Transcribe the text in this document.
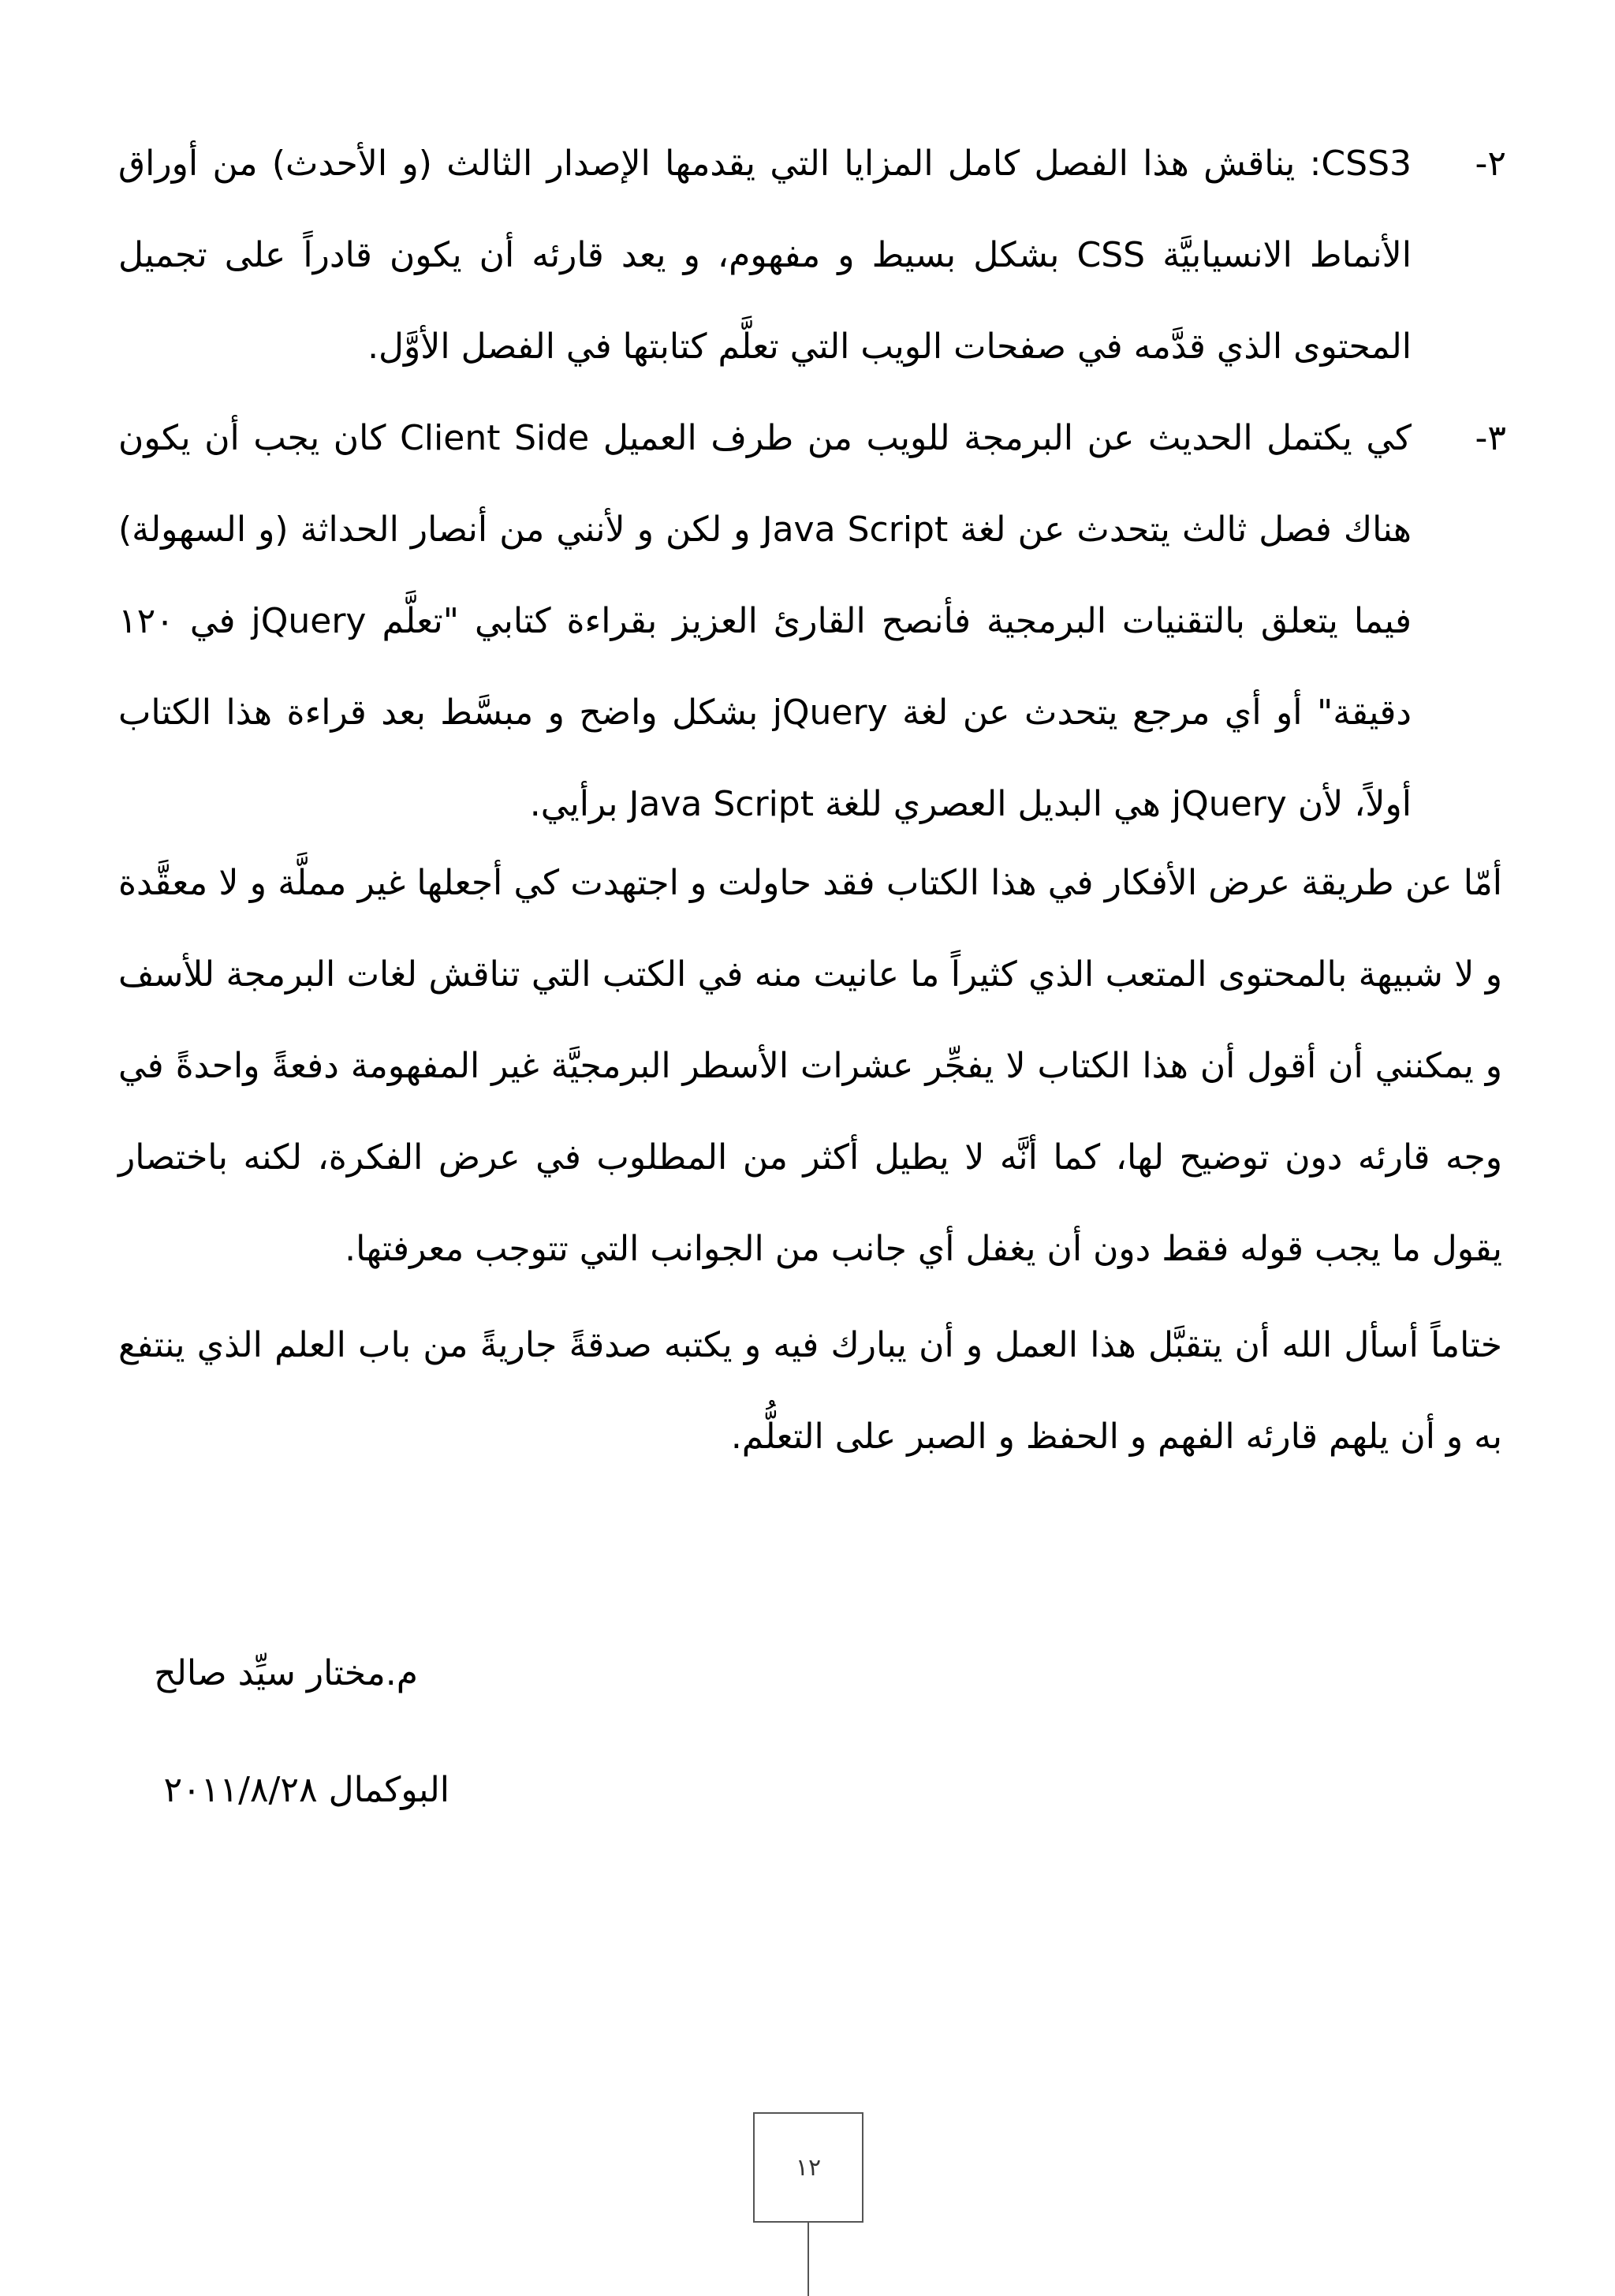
٢-
CSS3: يناقش هذا الفصل كامل المزايا التي يقدمها الإصدار الثالث (و الأحدث) من أوراق الأنماط الانسيابيَّة CSS بشكل بسيط و مفهوم، و يعد قارئه أن يكون قادراً على تجميل المحتوى الذي قدَّمه في صفحات الويب التي تعلَّم كتابتها في الفصل الأوَّل.
٣-
كي يكتمل الحديث عن البرمجة للويب من طرف العميل Client Side كان يجب أن يكون هناك فصل ثالث يتحدث عن لغة Java Script و لكن و لأنني من أنصار الحداثة (و السهولة) فيما يتعلق بالتقنيات البرمجية فأنصح القارئ العزيز بقراءة كتابي "تعلَّم jQuery في ١٢٠ دقيقة" أو أي مرجع يتحدث عن لغة jQuery بشكل واضح و مبسَّط بعد قراءة هذا الكتاب أولاً، لأن jQuery هي البديل العصري للغة Java Script برأيي.

أمّا عن طريقة عرض الأفكار في هذا الكتاب فقد حاولت و اجتهدت كي أجعلها غير مملَّة و لا معقَّدة و لا شبيهة بالمحتوى المتعب الذي كثيراً ما عانيت منه في الكتب التي تناقش لغات البرمجة للأسف و يمكنني أن أقول أن هذا الكتاب لا يفجِّر عشرات الأسطر البرمجيَّة غير المفهومة دفعةً واحدةً في وجه قارئه دون توضيح لها، كما أنَّه لا يطيل أكثر من المطلوب في عرض الفكرة، لكنه باختصار يقول ما يجب قوله فقط دون أن يغفل أي جانب من الجوانب التي تتوجب معرفتها.

ختاماً أسأل الله أن يتقبَّل هذا العمل و أن يبارك فيه و يكتبه صدقةً جاريةً من باب العلم الذي ينتفع به و أن يلهم قارئه الفهم و الحفظ و الصبر على التعلُّم.

م.مختار سيِّد صالح
البوكمال ٢٠١١/٨/٢٨
١٢
